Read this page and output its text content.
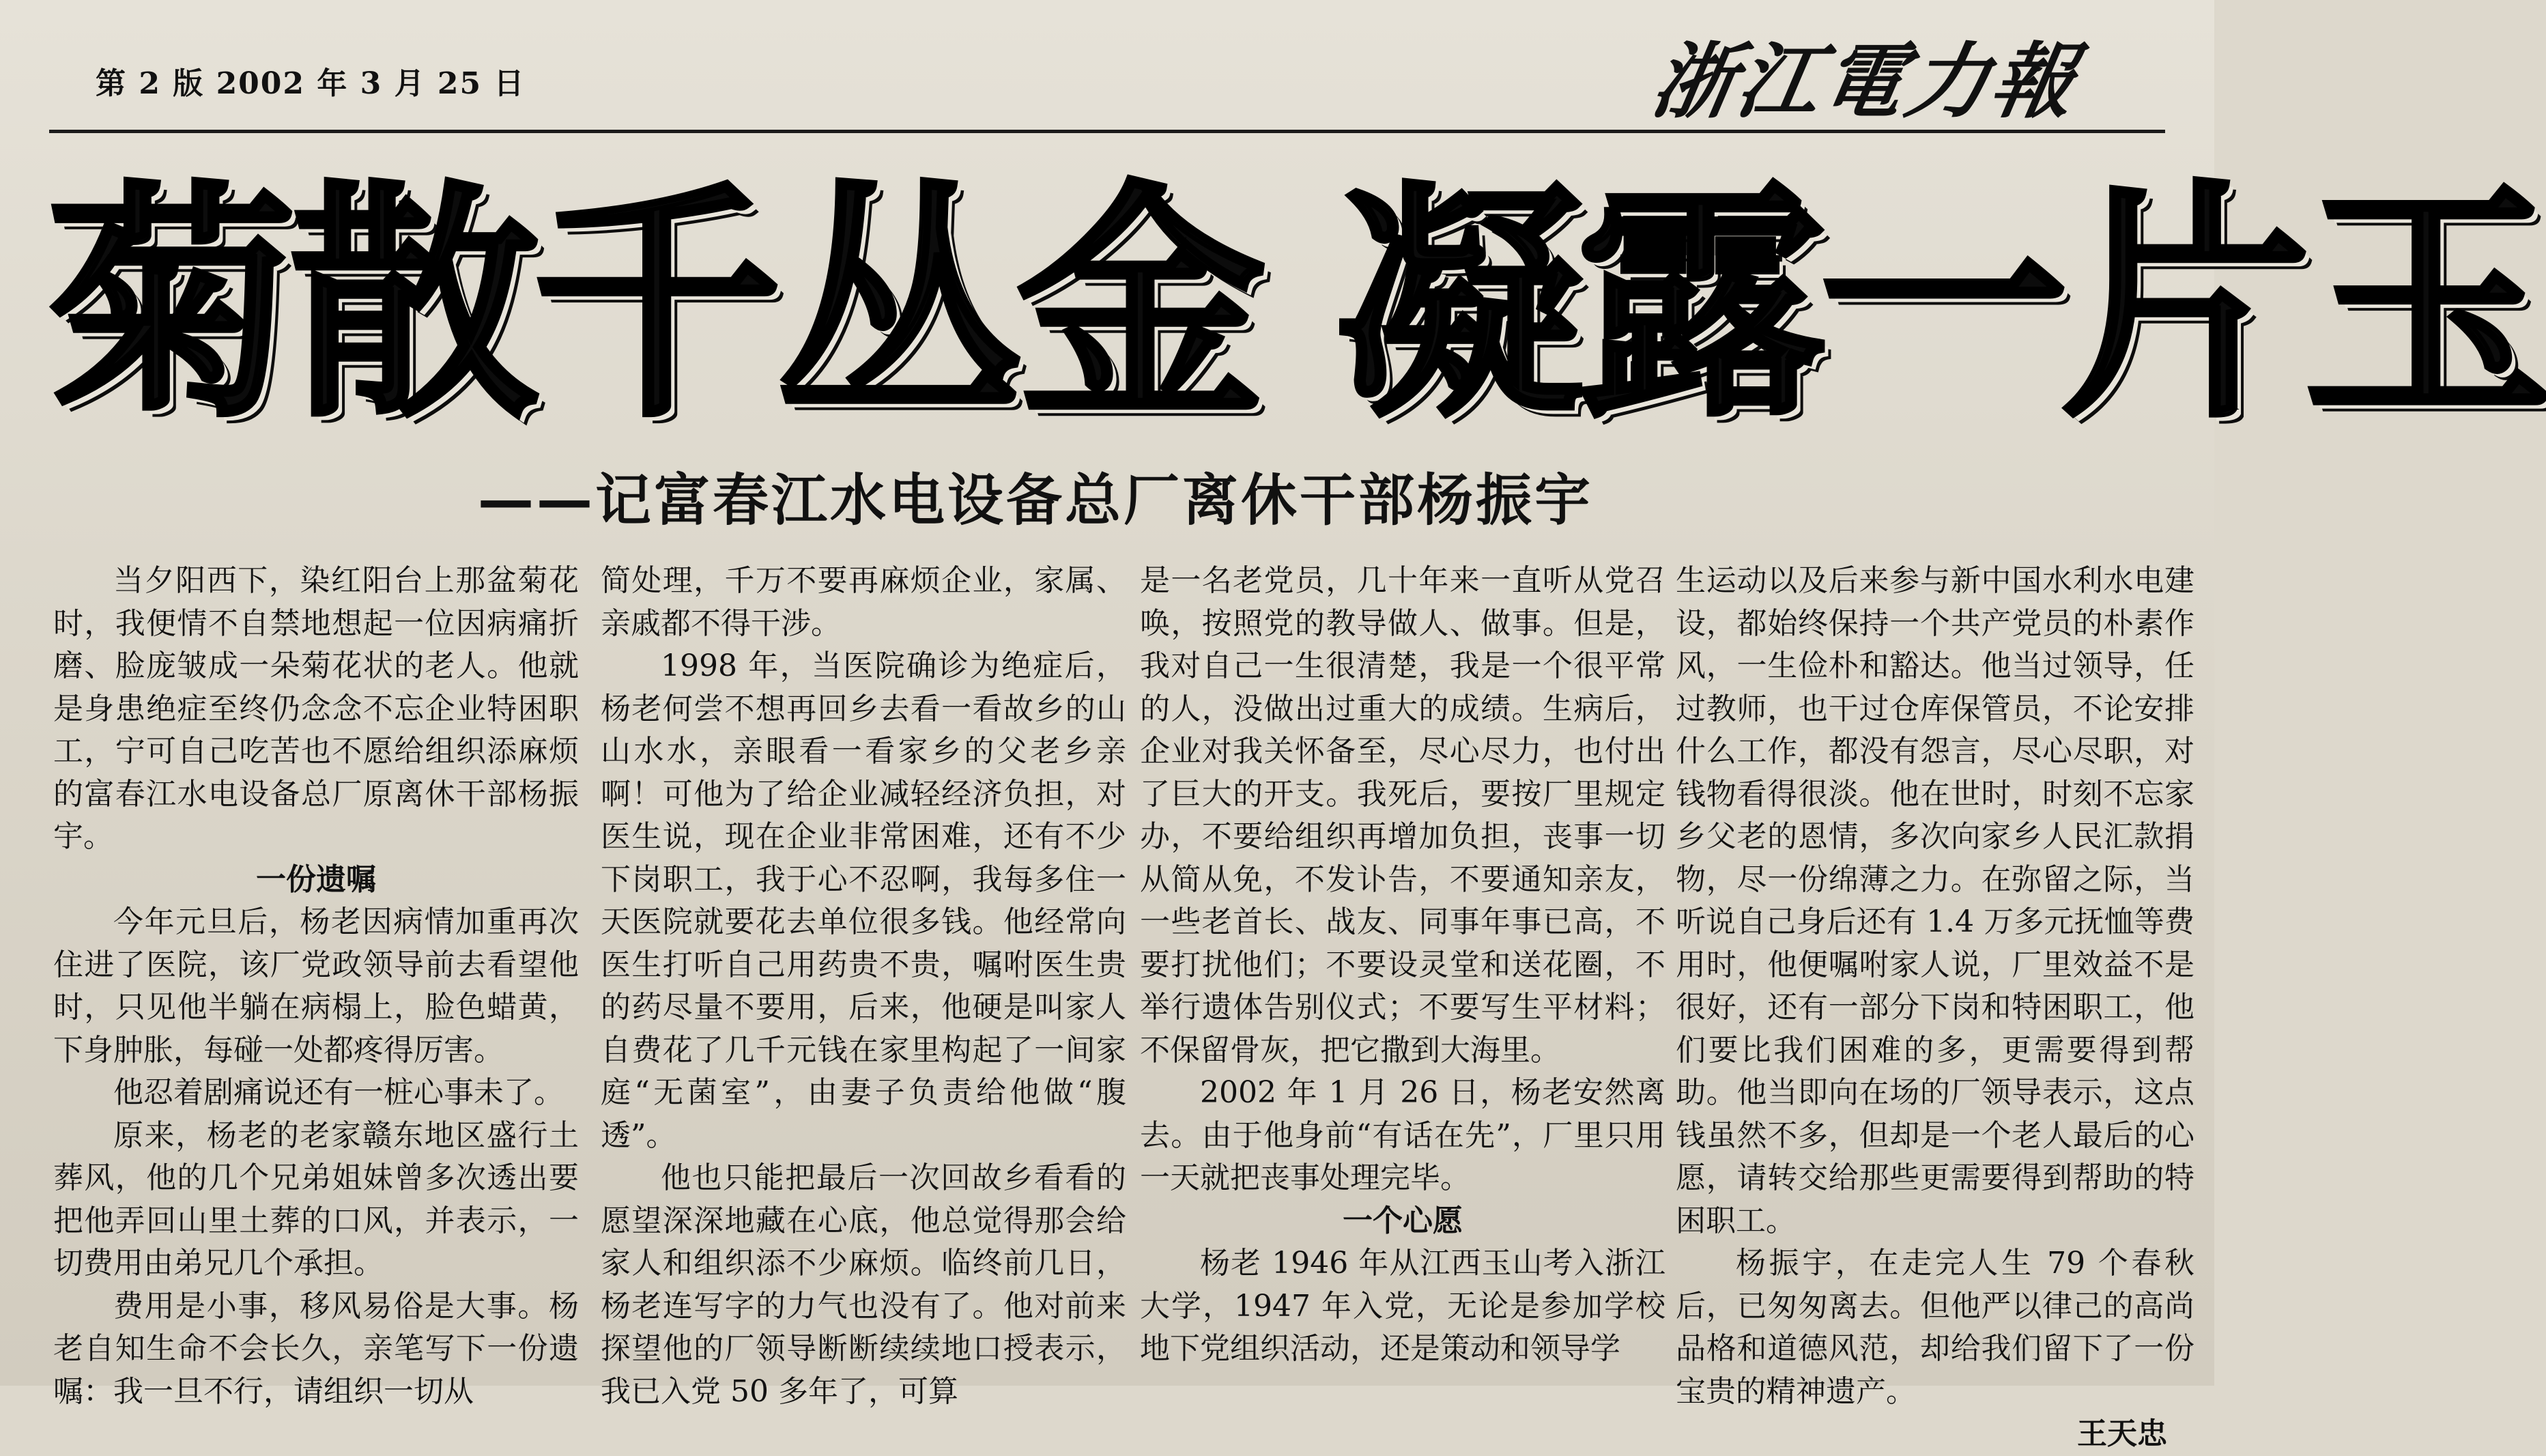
第 2 版 2002 年 3 月 25 日	浙江電力報
菊散千丛金 凝露一片玉
——记富春江水电设备总厂离休干部杨振宇

当夕阳西下，染红阳台上那盆菊花时，我便情不自禁地想起一位因病痛折磨、脸庞皱成一朵菊花状的老人。他就是身患绝症至终仍念念不忘企业特困职工，宁可自己吃苦也不愿给组织添麻烦的富春江水电设备总厂原离休干部杨振宇。

一份遗嘱

今年元旦后，杨老因病情加重再次住进了医院，该厂党政领导前去看望他时，只见他半躺在病榻上，脸色蜡黄，下身肿胀，每碰一处都疼得厉害。

他忍着剧痛说还有一桩心事未了。

原来，杨老的老家赣东地区盛行土葬风，他的几个兄弟姐妹曾多次透出要把他弄回山里土葬的口风，并表示，一切费用由弟兄几个承担。

费用是小事，移风易俗是大事。杨老自知生命不会长久，亲笔写下一份遗嘱：我一旦不行，请组织一切从

简处理，千万不要再麻烦企业，家属、亲戚都不得干涉。

1998 年，当医院确诊为绝症后，杨老何尝不想再回乡去看一看故乡的山山水水，亲眼看一看家乡的父老乡亲啊！可他为了给企业减轻经济负担，对医生说，现在企业非常困难，还有不少下岗职工，我于心不忍啊，我每多住一天医院就要花去单位很多钱。他经常向医生打听自己用药贵不贵，嘱咐医生贵的药尽量不要用，后来，他硬是叫家人自费花了几千元钱在家里构起了一间家庭“无菌室”，由妻子负责给他做“腹透”。

他也只能把最后一次回故乡看看的愿望深深地藏在心底，他总觉得那会给家人和组织添不少麻烦。临终前几日，杨老连写字的力气也没有了。他对前来探望他的厂领导断断续续地口授表示，我已入党 50 多年了，可算

是一名老党员，几十年来一直听从党召唤，按照党的教导做人、做事。但是，我对自己一生很清楚，我是一个很平常的人，没做出过重大的成绩。生病后，企业对我关怀备至，尽心尽力，也付出了巨大的开支。我死后，要按厂里规定办，不要给组织再增加负担，丧事一切从简从免，不发讣告，不要通知亲友，一些老首长、战友、同事年事已高，不要打扰他们；不要设灵堂和送花圈，不举行遗体告别仪式；不要写生平材料；不保留骨灰，把它撒到大海里。

2002 年 1 月 26 日，杨老安然离去。由于他身前“有话在先”，厂里只用一天就把丧事处理完毕。

一个心愿

杨老 1946 年从江西玉山考入浙江大学，1947 年入党，无论是参加学校地下党组织活动，还是策动和领导学

生运动以及后来参与新中国水利水电建设，都始终保持一个共产党员的朴素作风，一生俭朴和豁达。他当过领导，任过教师，也干过仓库保管员，不论安排什么工作，都没有怨言，尽心尽职，对钱物看得很淡。他在世时，时刻不忘家乡父老的恩情，多次向家乡人民汇款捐物，尽一份绵薄之力。在弥留之际，当听说自己身后还有 1.4 万多元抚恤等费用时，他便嘱咐家人说，厂里效益不是很好，还有一部分下岗和特困职工，他们要比我们困难的多，更需要得到帮助。他当即向在场的厂领导表示，这点钱虽然不多，但却是一个老人最后的心愿，请转交给那些更需要得到帮助的特困职工。

杨振宇，在走完人生 79 个春秋后，已匆匆离去。但他严以律己的高尚品格和道德风范，却给我们留下了一份宝贵的精神遗产。

王天忠
